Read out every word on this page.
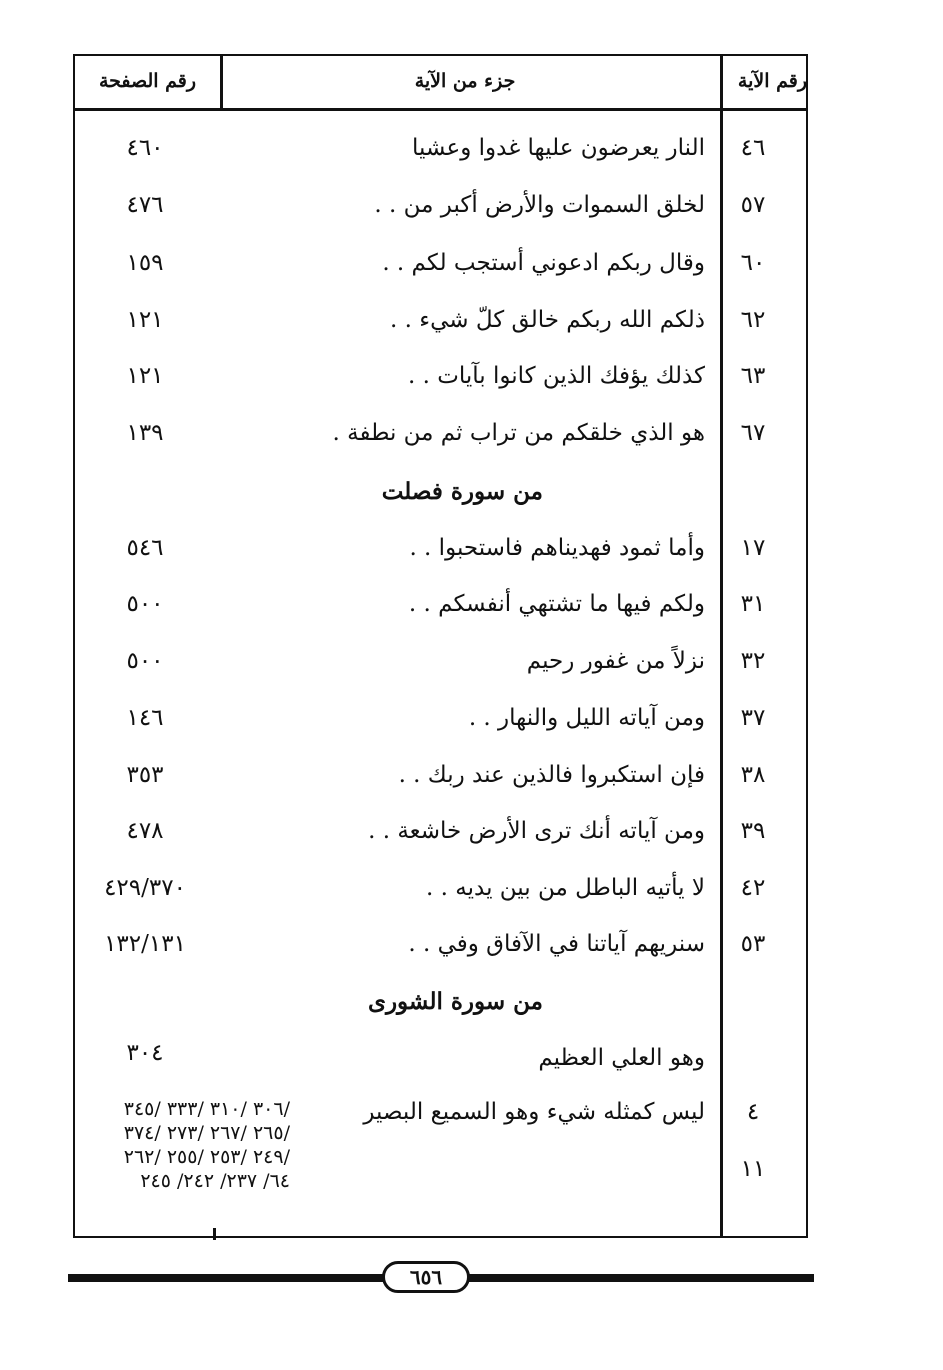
رقم الآية
جزء من الآية
رقم الصفحة
٤٦
النار يعرضون عليها غدوا وعشيا
٤٦٠
٥٧
لخلق السموات والأرض أكبر من . .
٤٧٦
٦٠
وقال ربكم ادعوني أستجب لكم . .
١٥٩
٦٢
ذلكم الله ربكم خالق كلّ شيء . .
١٢١
٦٣
كذلك يؤفك الذين كانوا بآيات . .
١٢١
٦٧
هو الذي خلقكم من تراب ثم من نطفة .
١٣٩
من سورة فصلت
١٧
وأما ثمود فهديناهم فاستحبوا . .
٥٤٦
٣١
ولكم فيها ما تشتهي أنفسكم . .
٥٠٠
٣٢
نزلاً من غفور رحيم
٥٠٠
٣٧
ومن آياته الليل والنهار . .
١٤٦
٣٨
فإن استكبروا فالذين عند ربك . .
٣٥٣
٣٩
ومن آياته أنك ترى الأرض خاشعة . .
٤٧٨
٤٢
لا يأتيه الباطل من بين يديه . .
٤٢٩/٣٧٠
٥٣
سنريهم آياتنا في الآفاق وفي . .
١٣٢/١٣١
من سورة الشورى
وهو العلي العظيم
٣٠٤
٤
ليس كمثله شيء وهو السميع البصير
١١
/٣٠٦ /٣١٠ /٣٣٣ /٣٤٥
/٢٦٥ /٢٦٧ /٢٧٣ /٣٧٤
/٢٤٩ /٢٥٣ /٢٥٥ /٢٦٢
٦٤/ ٢٣٧/ ٢٤٢/ ٢٤٥
٦٥٦
